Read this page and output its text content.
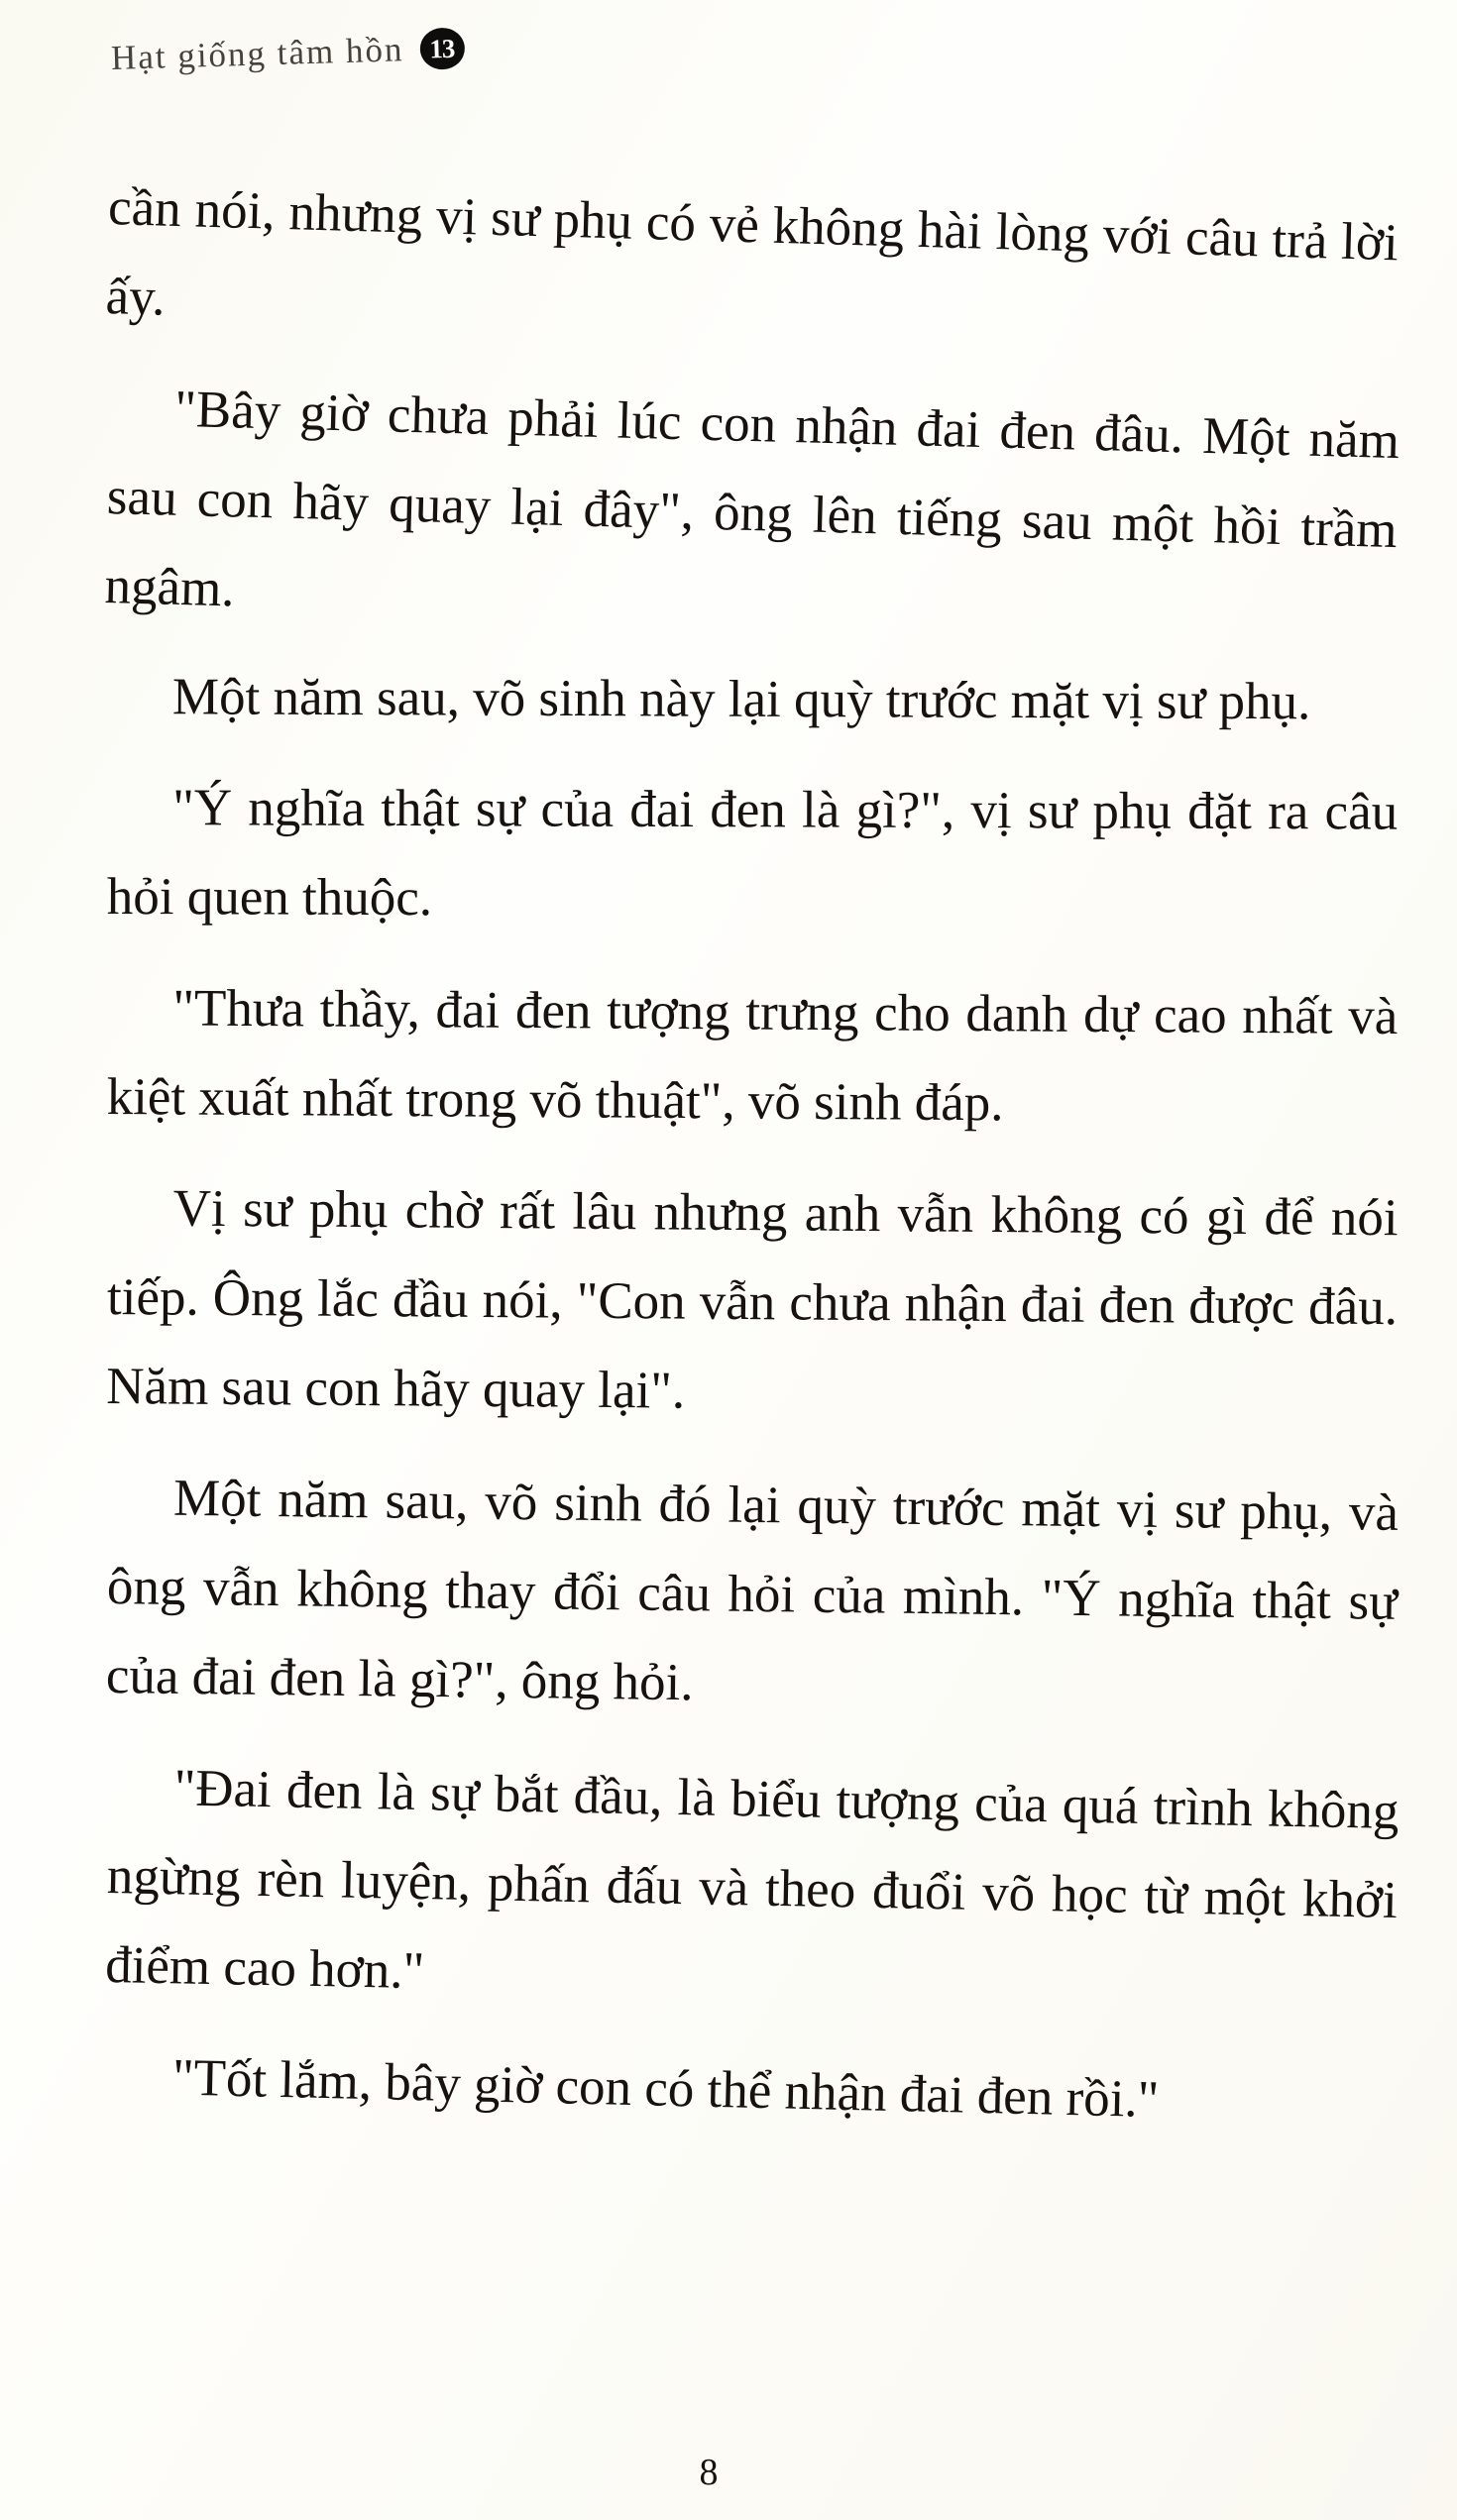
Hạt giống tâm hồn 13

cần nói, nhưng vị sư phụ có vẻ không hài lòng với câu trả lời ấy.

"Bây giờ chưa phải lúc con nhận đai đen đâu. Một năm sau con hãy quay lại đây", ông lên tiếng sau một hồi trầm ngâm.

Một năm sau, võ sinh này lại quỳ trước mặt vị sư phụ.

"Ý nghĩa thật sự của đai đen là gì?", vị sư phụ đặt ra câu hỏi quen thuộc.

"Thưa thầy, đai đen tượng trưng cho danh dự cao nhất và kiệt xuất nhất trong võ thuật", võ sinh đáp.

Vị sư phụ chờ rất lâu nhưng anh vẫn không có gì để nói tiếp. Ông lắc đầu nói, "Con vẫn chưa nhận đai đen được đâu. Năm sau con hãy quay lại".

Một năm sau, võ sinh đó lại quỳ trước mặt vị sư phụ, và ông vẫn không thay đổi câu hỏi của mình. "Ý nghĩa thật sự của đai đen là gì?", ông hỏi.

"Đai đen là sự bắt đầu, là biểu tượng của quá trình không ngừng rèn luyện, phấn đấu và theo đuổi võ học từ một khởi điểm cao hơn."

"Tốt lắm, bây giờ con có thể nhận đai đen rồi."

8
